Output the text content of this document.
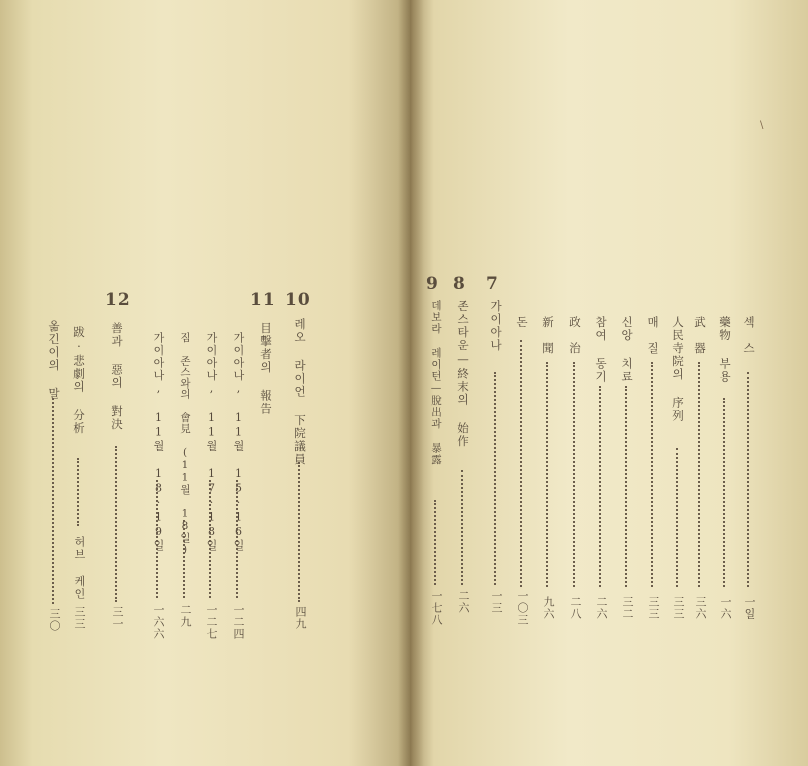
섹　스
一일
藥物 부용
一六
武　器
三六
人民寺院의 序列
三三
매　질
三三
신앙 치료
三二
참여 동기
二六
政　治
二八
新　聞
九六
돈
一〇三
7
가이아나
一三
8
존스타운—終末의 始作
二六
9
데보라 레이턴—脫出과 暴露
一七八
10
레오 라이언 下院議員
四九
11
目擊者의 報告
가이아나, 11월 15·16일
一二四
가이아나, 11월 17·18일
一二七
짐 존스와의 會見 (11월 18일)
二九
가이아나, 11월 18·19일
一六六
12
善과 惡의 對決
三一
跋·悲劇의 分析
허브 케인
三三
옮긴이의 말
三〇
\
